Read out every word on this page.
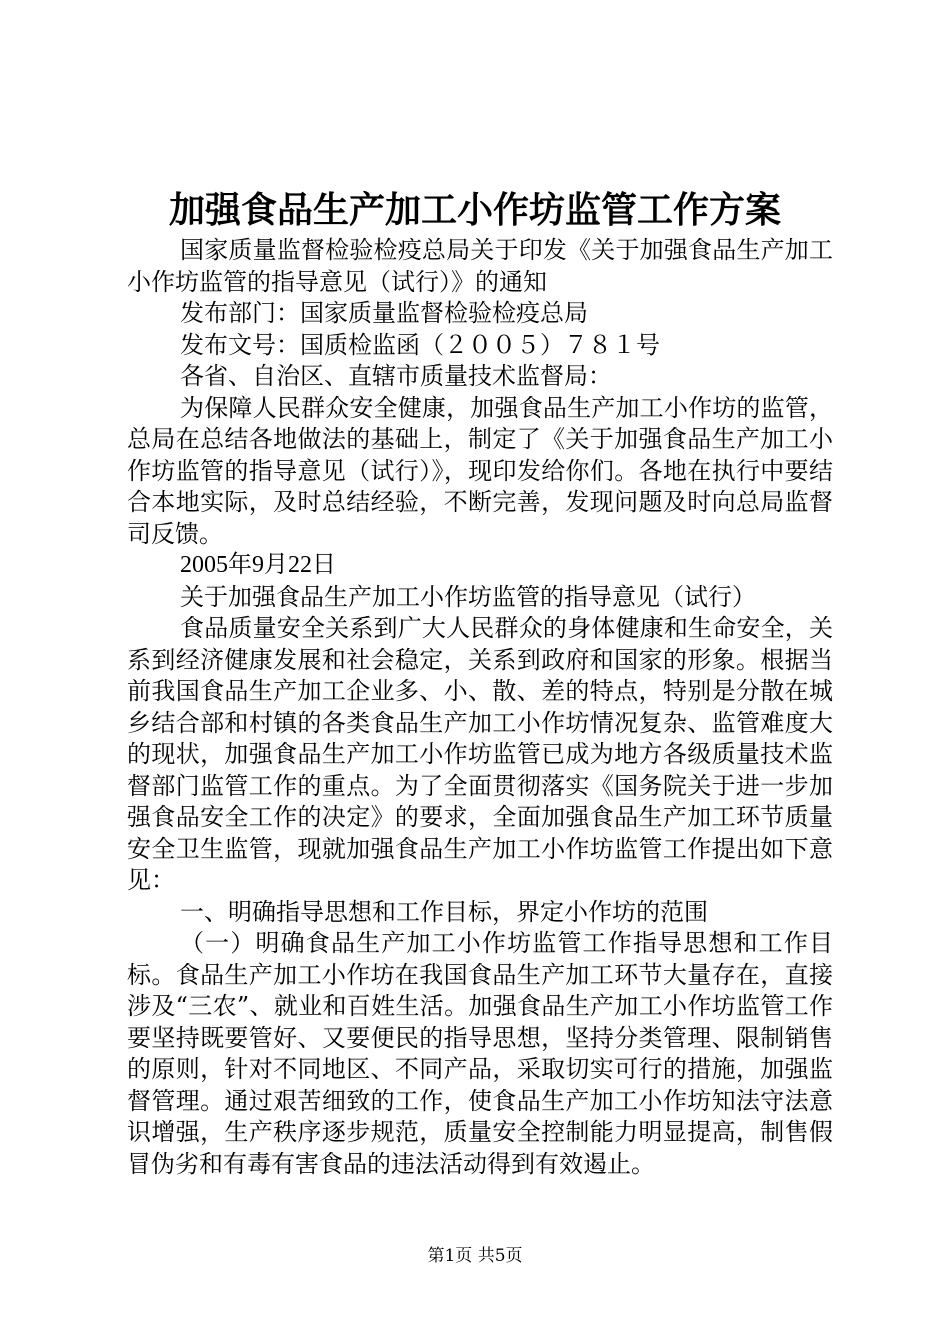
加强食品生产加工小作坊监管工作方案

国家质量监督检验检疫总局关于印发《关于加强食品生产加工小作坊监管的指导意见（试行）》的通知

发布部门：国家质量监督检验检疫总局

发布文号：国质检监函（２００５）７８１号

各省、自治区、直辖市质量技术监督局：

为保障人民群众安全健康，加强食品生产加工小作坊的监管，总局在总结各地做法的基础上，制定了《关于加强食品生产加工小作坊监管的指导意见（试行）》，现印发给你们。各地在执行中要结合本地实际，及时总结经验，不断完善，发现问题及时向总局监督司反馈。

2005年9月22日

关于加强食品生产加工小作坊监管的指导意见（试行）

食品质量安全关系到广大人民群众的身体健康和生命安全，关系到经济健康发展和社会稳定，关系到政府和国家的形象。根据当前我国食品生产加工企业多、小、散、差的特点，特别是分散在城乡结合部和村镇的各类食品生产加工小作坊情况复杂、监管难度大的现状，加强食品生产加工小作坊监管已成为地方各级质量技术监督部门监管工作的重点。为了全面贯彻落实《国务院关于进一步加强食品安全工作的决定》的要求，全面加强食品生产加工环节质量安全卫生监管，现就加强食品生产加工小作坊监管工作提出如下意见：

一、明确指导思想和工作目标，界定小作坊的范围

（一）明确食品生产加工小作坊监管工作指导思想和工作目标。食品生产加工小作坊在我国食品生产加工环节大量存在，直接涉及“三农”、就业和百姓生活。加强食品生产加工小作坊监管工作要坚持既要管好、又要便民的指导思想，坚持分类管理、限制销售的原则，针对不同地区、不同产品，采取切实可行的措施，加强监督管理。通过艰苦细致的工作，使食品生产加工小作坊知法守法意识增强，生产秩序逐步规范，质量安全控制能力明显提高，制售假冒伪劣和有毒有害食品的违法活动得到有效遏止。

第1页 共5页
